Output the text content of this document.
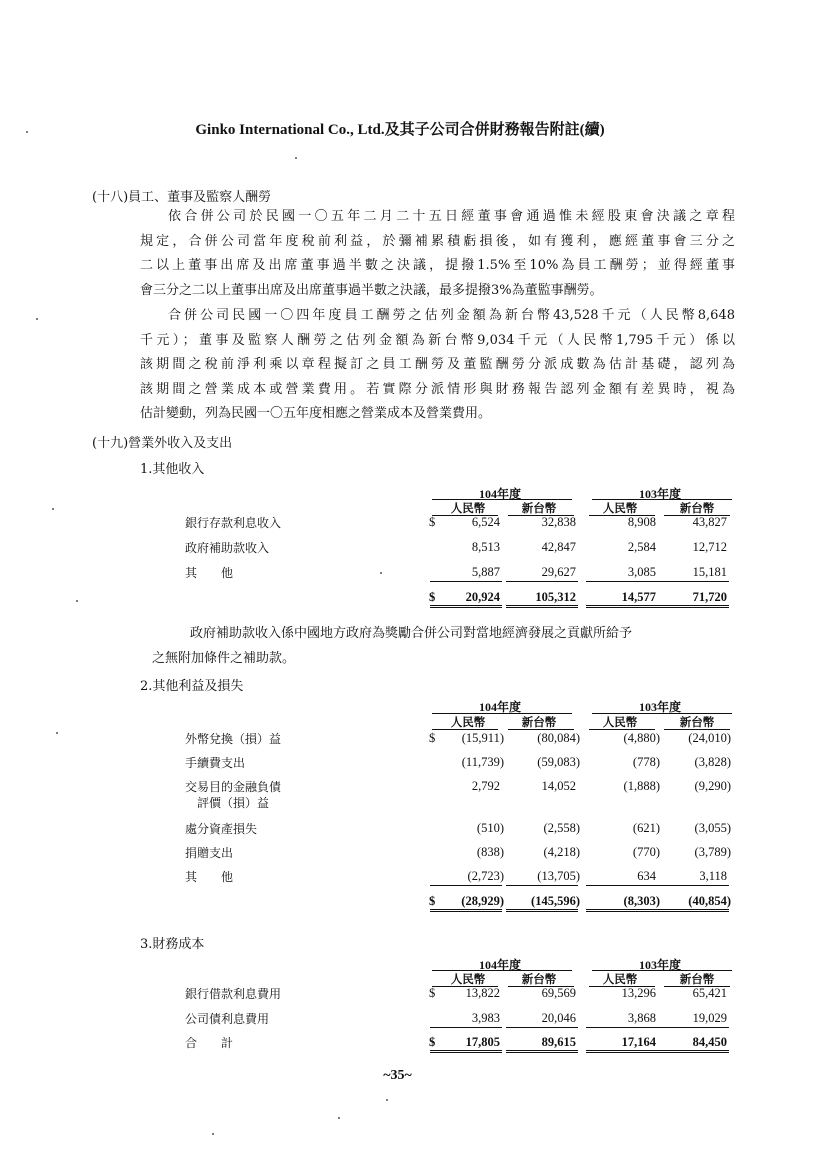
Ginko International Co., Ltd.及其子公司合併財務報告附註(續)
(十八)員工、董事及監察人酬勞
依合併公司於民國一〇五年二月二十五日經董事會通過惟未經股東會決議之章程
規定，合併公司當年度稅前利益，於彌補累積虧損後，如有獲利，應經董事會三分之
二以上董事出席及出席董事過半數之決議，提撥1.5%至10%為員工酬勞；並得經董事
會三分之二以上董事出席及出席董事過半數之決議，最多提撥3%為董監事酬勞。
合併公司民國一〇四年度員工酬勞之估列金額為新台幣43,528千元（人民幣8,648
千元）；董事及監察人酬勞之估列金額為新台幣9,034千元（人民幣1,795千元）係以
該期間之稅前淨利乘以章程擬訂之員工酬勞及董監酬勞分派成數為估計基礎，認列為
該期間之營業成本或營業費用。若實際分派情形與財務報告認列金額有差異時，視為
估計變動，列為民國一〇五年度相應之營業成本及營業費用。
(十九)營業外收入及支出
1.其他收入
104年度	103年度
人民幣	新台幣	人民幣	新台幣
銀行存款利息收入	$	6,524	32,838	8,908	43,827
政府補助款收入	8,513	42,847	2,584	12,712
其　　他	5,887	29,627	3,085	15,181
$	20,924	105,312	14,577	71,720
政府補助款收入係中國地方政府為獎勵合併公司對當地經濟發展之貢獻所給予
之無附加條件之補助款。
2.其他利益及損失
104年度	103年度
人民幣	新台幣	人民幣	新台幣
外幣兌換（損）益	$	(15,911)	(80,084)	(4,880)	(24,010)
手續費支出	(11,739)	(59,083)	(778)	(3,828)
交易目的金融負債
　評價（損）益
2,792	14,052	(1,888)	(9,290)
處分資產損失	(510)	(2,558)	(621)	(3,055)
捐贈支出	(838)	(4,218)	(770)	(3,789)
其　　他	(2,723)	(13,705)	634	3,118
$	(28,929)	(145,596)	(8,303)	(40,854)
3.財務成本
104年度	103年度
人民幣	新台幣	人民幣	新台幣
銀行借款利息費用	$	13,822	69,569	13,296	65,421
公司債利息費用	3,983	20,046	3,868	19,029
合　　計	$	17,805	89,615	17,164	84,450
~35~
